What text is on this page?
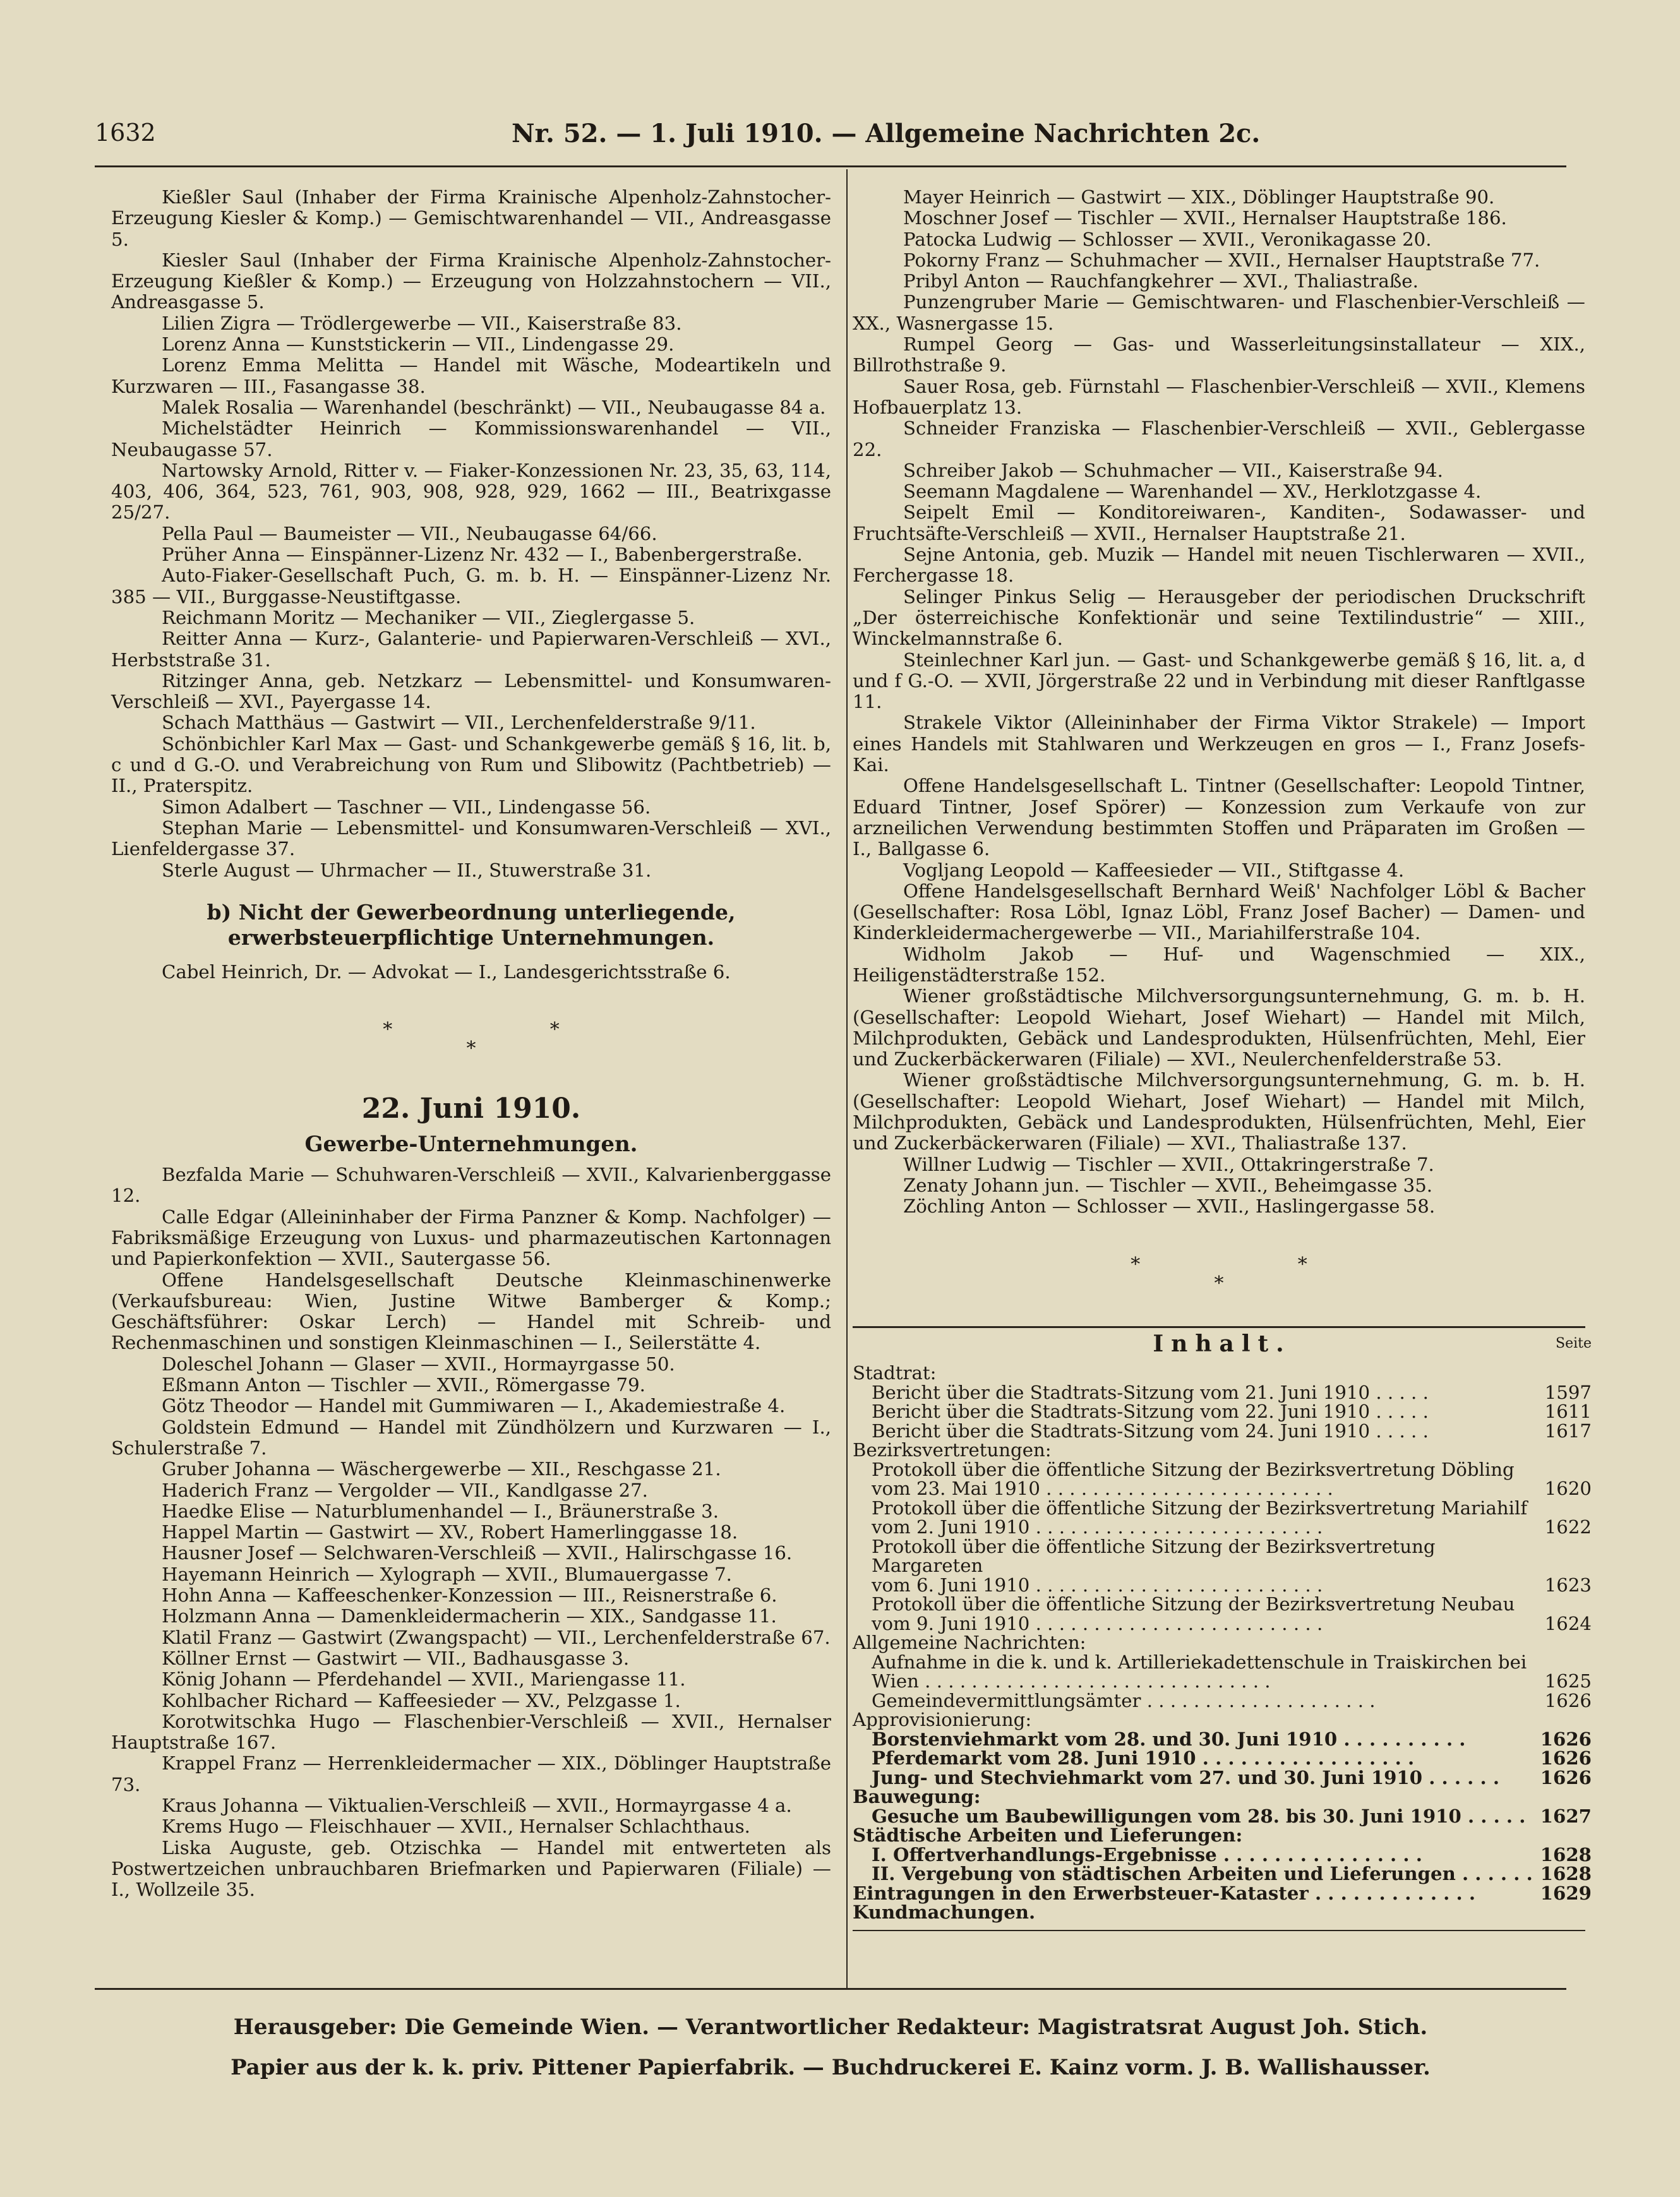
1632	Nr. 52. — 1. Juli 1910. — Allgemeine Nachrichten 2c.

Kießler Saul (Inhaber der Firma Krainische Alpenholz-Zahnstocher-Erzeugung Kiesler & Komp.) — Gemischtwarenhandel — VII., Andreasgasse 5.

Kiesler Saul (Inhaber der Firma Krainische Alpenholz-Zahnstocher-Erzeugung Kießler & Komp.) — Erzeugung von Holzzahnstochern — VII., Andreasgasse 5.

Lilien Zigra — Trödlergewerbe — VII., Kaiserstraße 83.

Lorenz Anna — Kunststickerin — VII., Lindengasse 29.

Lorenz Emma Melitta — Handel mit Wäsche, Modeartikeln und Kurzwaren — III., Fasangasse 38.

Malek Rosalia — Warenhandel (beschränkt) — VII., Neubaugasse 84 a.

Michelstädter Heinrich — Kommissionswarenhandel — VII., Neubaugasse 57.

Nartowsky Arnold, Ritter v. — Fiaker-Konzessionen Nr. 23, 35, 63, 114, 403, 406, 364, 523, 761, 903, 908, 928, 929, 1662 — III., Beatrixgasse 25/27.

Pella Paul — Baumeister — VII., Neubaugasse 64/66.

Prüher Anna — Einspänner-Lizenz Nr. 432 — I., Babenbergerstraße.

Auto-Fiaker-Gesellschaft Puch, G. m. b. H. — Einspänner-Lizenz Nr. 385 — VII., Burggasse-Neustiftgasse.

Reichmann Moritz — Mechaniker — VII., Zieglergasse 5.

Reitter Anna — Kurz-, Galanterie- und Papierwaren-Verschleiß — XVI., Herbststraße 31.

Ritzinger Anna, geb. Netzkarz — Lebensmittel- und Konsumwaren-Verschleiß — XVI., Payergasse 14.

Schach Matthäus — Gastwirt — VII., Lerchenfelderstraße 9/11.

Schönbichler Karl Max — Gast- und Schankgewerbe gemäß § 16, lit. b, c und d G.-O. und Verabreichung von Rum und Slibowitz (Pachtbetrieb) — II., Praterspitz.

Simon Adalbert — Taschner — VII., Lindengasse 56.

Stephan Marie — Lebensmittel- und Konsumwaren-Verschleiß — XVI., Lienfeldergasse 37.

Sterle August — Uhrmacher — II., Stuwerstraße 31.

b) Nicht der Gewerbeordnung unterliegende, erwerbsteuerpflichtige Unternehmungen.

Cabel Heinrich, Dr. — Advokat — I., Landesgerichtsstraße 6.

* *

*

22. Juni 1910.
Gewerbe-Unternehmungen.

Bezfalda Marie — Schuhwaren-Verschleiß — XVII., Kalvarienberggasse 12.

Calle Edgar (Alleininhaber der Firma Panzner & Komp. Nachfolger) — Fabriksmäßige Erzeugung von Luxus- und pharmazeutischen Kartonnagen und Papierkonfektion — XVII., Sautergasse 56.

Offene Handelsgesellschaft Deutsche Kleinmaschinenwerke (Verkaufsbureau: Wien, Justine Witwe Bamberger & Komp.; Geschäftsführer: Oskar Lerch) — Handel mit Schreib- und Rechenmaschinen und sonstigen Kleinmaschinen — I., Seilerstätte 4.

Doleschel Johann — Glaser — XVII., Hormayrgasse 50.

Eßmann Anton — Tischler — XVII., Römergasse 79.

Götz Theodor — Handel mit Gummiwaren — I., Akademiestraße 4.

Goldstein Edmund — Handel mit Zündhölzern und Kurzwaren — I., Schulerstraße 7.

Gruber Johanna — Wäschergewerbe — XII., Reschgasse 21.

Haderich Franz — Vergolder — VII., Kandlgasse 27.

Haedke Elise — Naturblumenhandel — I., Bräunerstraße 3.

Happel Martin — Gastwirt — XV., Robert Hamerlinggasse 18.

Hausner Josef — Selchwaren-Verschleiß — XVII., Halirschgasse 16.

Hayemann Heinrich — Xylograph — XVII., Blumauergasse 7.

Hohn Anna — Kaffeeschenker-Konzession — III., Reisnerstraße 6.

Holzmann Anna — Damenkleidermacherin — XIX., Sandgasse 11.

Klatil Franz — Gastwirt (Zwangspacht) — VII., Lerchenfelderstraße 67.

Köllner Ernst — Gastwirt — VII., Badhausgasse 3.

König Johann — Pferdehandel — XVII., Mariengasse 11.

Kohlbacher Richard — Kaffeesieder — XV., Pelzgasse 1.

Korotwitschka Hugo — Flaschenbier-Verschleiß — XVII., Hernalser Hauptstraße 167.

Krappel Franz — Herrenkleidermacher — XIX., Döblinger Hauptstraße 73.

Kraus Johanna — Viktualien-Verschleiß — XVII., Hormayrgasse 4 a.

Krems Hugo — Fleischhauer — XVII., Hernalser Schlachthaus.

Liska Auguste, geb. Otzischka — Handel mit entwerteten als Postwertzeichen unbrauchbaren Briefmarken und Papierwaren (Filiale) — I., Wollzeile 35.

Mayer Heinrich — Gastwirt — XIX., Döblinger Hauptstraße 90.

Moschner Josef — Tischler — XVII., Hernalser Hauptstraße 186.

Patocka Ludwig — Schlosser — XVII., Veronikagasse 20.

Pokorny Franz — Schuhmacher — XVII., Hernalser Hauptstraße 77.

Pribyl Anton — Rauchfangkehrer — XVI., Thaliastraße.

Punzengruber Marie — Gemischtwaren- und Flaschenbier-Verschleiß — XX., Wasnergasse 15.

Rumpel Georg — Gas- und Wasserleitungsinstallateur — XIX., Billrothstraße 9.

Sauer Rosa, geb. Fürnstahl — Flaschenbier-Verschleiß — XVII., Klemens Hofbauerplatz 13.

Schneider Franziska — Flaschenbier-Verschleiß — XVII., Geblergasse 22.

Schreiber Jakob — Schuhmacher — VII., Kaiserstraße 94.

Seemann Magdalene — Warenhandel — XV., Herklotzgasse 4.

Seipelt Emil — Konditoreiwaren-, Kanditen-, Sodawasser- und Fruchtsäfte-Verschleiß — XVII., Hernalser Hauptstraße 21.

Sejne Antonia, geb. Muzik — Handel mit neuen Tischlerwaren — XVII., Ferchergasse 18.

Selinger Pinkus Selig — Herausgeber der periodischen Druckschrift „Der österreichische Konfektionär und seine Textilindustrie“ — XIII., Winckelmannstraße 6.

Steinlechner Karl jun. — Gast- und Schankgewerbe gemäß § 16, lit. a, d und f G.-O. — XVII, Jörgerstraße 22 und in Verbindung mit dieser Ranftlgasse 11.

Strakele Viktor (Alleininhaber der Firma Viktor Strakele) — Import eines Handels mit Stahlwaren und Werkzeugen en gros — I., Franz Josefs-Kai.

Offene Handelsgesellschaft L. Tintner (Gesellschafter: Leopold Tintner, Eduard Tintner, Josef Spörer) — Konzession zum Verkaufe von zur arzneilichen Verwendung bestimmten Stoffen und Präparaten im Großen — I., Ballgasse 6.

Vogljang Leopold — Kaffeesieder — VII., Stiftgasse 4.

Offene Handelsgesellschaft Bernhard Weiß' Nachfolger Löbl & Bacher (Gesellschafter: Rosa Löbl, Ignaz Löbl, Franz Josef Bacher) — Damen- und Kinderkleidermachergewerbe — VII., Mariahilferstraße 104.

Widholm Jakob — Huf- und Wagenschmied — XIX., Heiligenstädterstraße 152.

Wiener großstädtische Milchversorgungsunternehmung, G. m. b. H. (Gesellschafter: Leopold Wiehart, Josef Wiehart) — Handel mit Milch, Milchprodukten, Gebäck und Landesprodukten, Hülsenfrüchten, Mehl, Eier und Zuckerbäckerwaren (Filiale) — XVI., Neulerchenfelderstraße 53.

Wiener großstädtische Milchversorgungsunternehmung, G. m. b. H. (Gesellschafter: Leopold Wiehart, Josef Wiehart) — Handel mit Milch, Milchprodukten, Gebäck und Landesprodukten, Hülsenfrüchten, Mehl, Eier und Zuckerbäckerwaren (Filiale) — XVI., Thaliastraße 137.

Willner Ludwig — Tischler — XVII., Ottakringerstraße 7.

Zenaty Johann jun. — Tischler — XVII., Beheimgasse 35.

Zöchling Anton — Schlosser — XVII., Haslingergasse 58.

* *

*

Inhalt.	Seite

Stadtrat:

Bericht über die Stadtrats-Sitzung vom 21. Juni 1910 . . . . .	1597

Bericht über die Stadtrats-Sitzung vom 22. Juni 1910 . . . . .	1611

Bericht über die Stadtrats-Sitzung vom 24. Juni 1910 . . . . .	1617

Bezirksvertretungen:

Protokoll über die öffentliche Sitzung der Bezirksvertretung Döbling
vom 23. Mai 1910 . . . . . . . . . . . . . . . . . . . . . . . . .	1620

Protokoll über die öffentliche Sitzung der Bezirksvertretung Mariahilf
vom 2. Juni 1910 . . . . . . . . . . . . . . . . . . . . . . . . .	1622

Protokoll über die öffentliche Sitzung der Bezirksvertretung Margareten
vom 6. Juni 1910 . . . . . . . . . . . . . . . . . . . . . . . . .	1623

Protokoll über die öffentliche Sitzung der Bezirksvertretung Neubau
vom 9. Juni 1910 . . . . . . . . . . . . . . . . . . . . . . . . .	1624

Allgemeine Nachrichten:

Aufnahme in die k. und k. Artilleriekadettenschule in Traiskirchen bei
Wien . . . . . . . . . . . . . . . . . . . . . . . . . . . . . .	1625

Gemeindevermittlungsämter . . . . . . . . . . . . . . . . . . . .	1626

Approvisionierung:

Borstenviehmarkt vom 28. und 30. Juni 1910 . . . . . . . . . .	1626

Pferdemarkt vom 28. Juni 1910 . . . . . . . . . . . . . . . . .	1626

Jung- und Stechviehmarkt vom 27. und 30. Juni 1910 . . . . . . 1626

Bauwegung:

Gesuche um Baubewilligungen vom 28. bis 30. Juni 1910 . . . . . 1627

Städtische Arbeiten und Lieferungen:

I. Offertverhandlungs-Ergebnisse . . . . . . . . . . . . . . . .	1628

II. Vergebung von städtischen Arbeiten und Lieferungen . . . . . . 1628

Eintragungen in den Erwerbsteuer-Kataster . . . . . . . . . . . . .	1629

Kundmachungen.

Herausgeber: Die Gemeinde Wien. — Verantwortlicher Redakteur: Magistratsrat August Joh. Stich.
Papier aus der k. k. priv. Pittener Papierfabrik. — Buchdruckerei E. Kainz vorm. J. B. Wallishausser.
